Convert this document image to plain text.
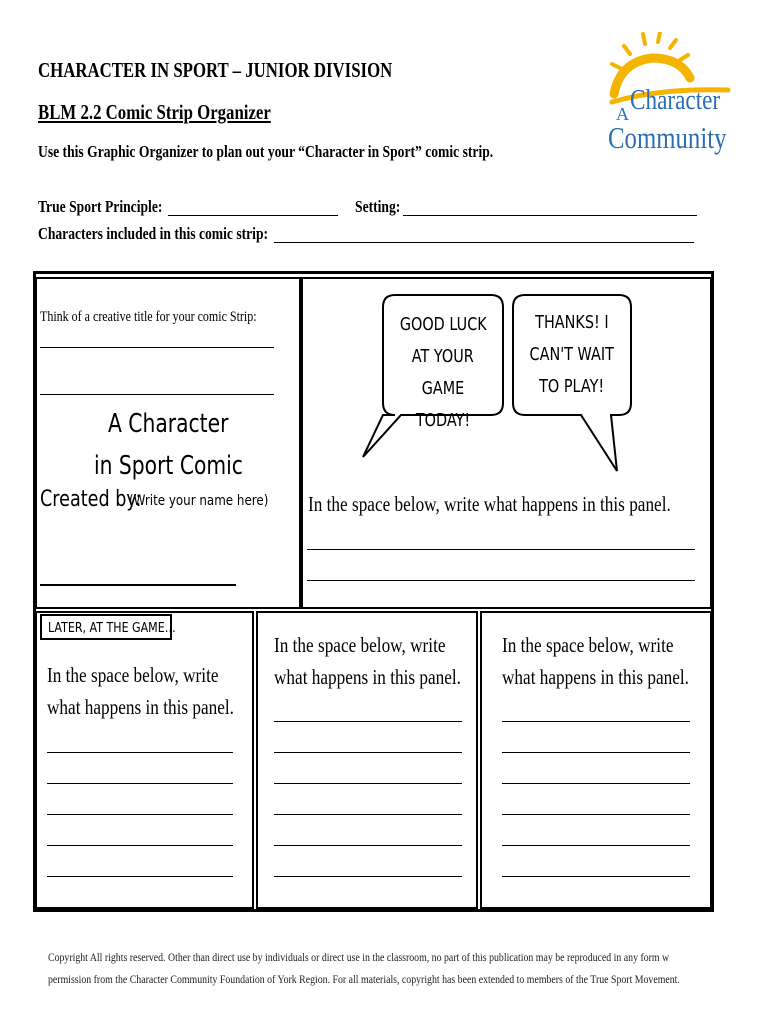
CHARACTER IN SPORT – JUNIOR DIVISION
BLM 2.2 Comic Strip Organizer
Use this Graphic Organizer to plan out your “Character in Sport” comic strip.
True Sport Principle:	Setting:
Characters included in this comic strip:
A Character
Community
Think of a creative title for your comic Strip:
A Character
in Sport Comic
Created by:
(Write your name here)
GOOD LUCK
AT YOUR
GAME TODAY!
THANKS! I
CAN'T WAIT
TO PLAY!
In the space below, write what happens in this panel.
LATER, AT THE GAME…
In the space below, write
what happens in this panel.
In the space below, write
what happens in this panel.
In the space below, write
what happens in this panel.
Copyright All rights reserved. Other than direct use by individuals or direct use in the classroom, no part of this publication may be reproduced in any form w
permission from the Character Community Foundation of York Region. For all materials, copyright has been extended to members of the True Sport Movement.
